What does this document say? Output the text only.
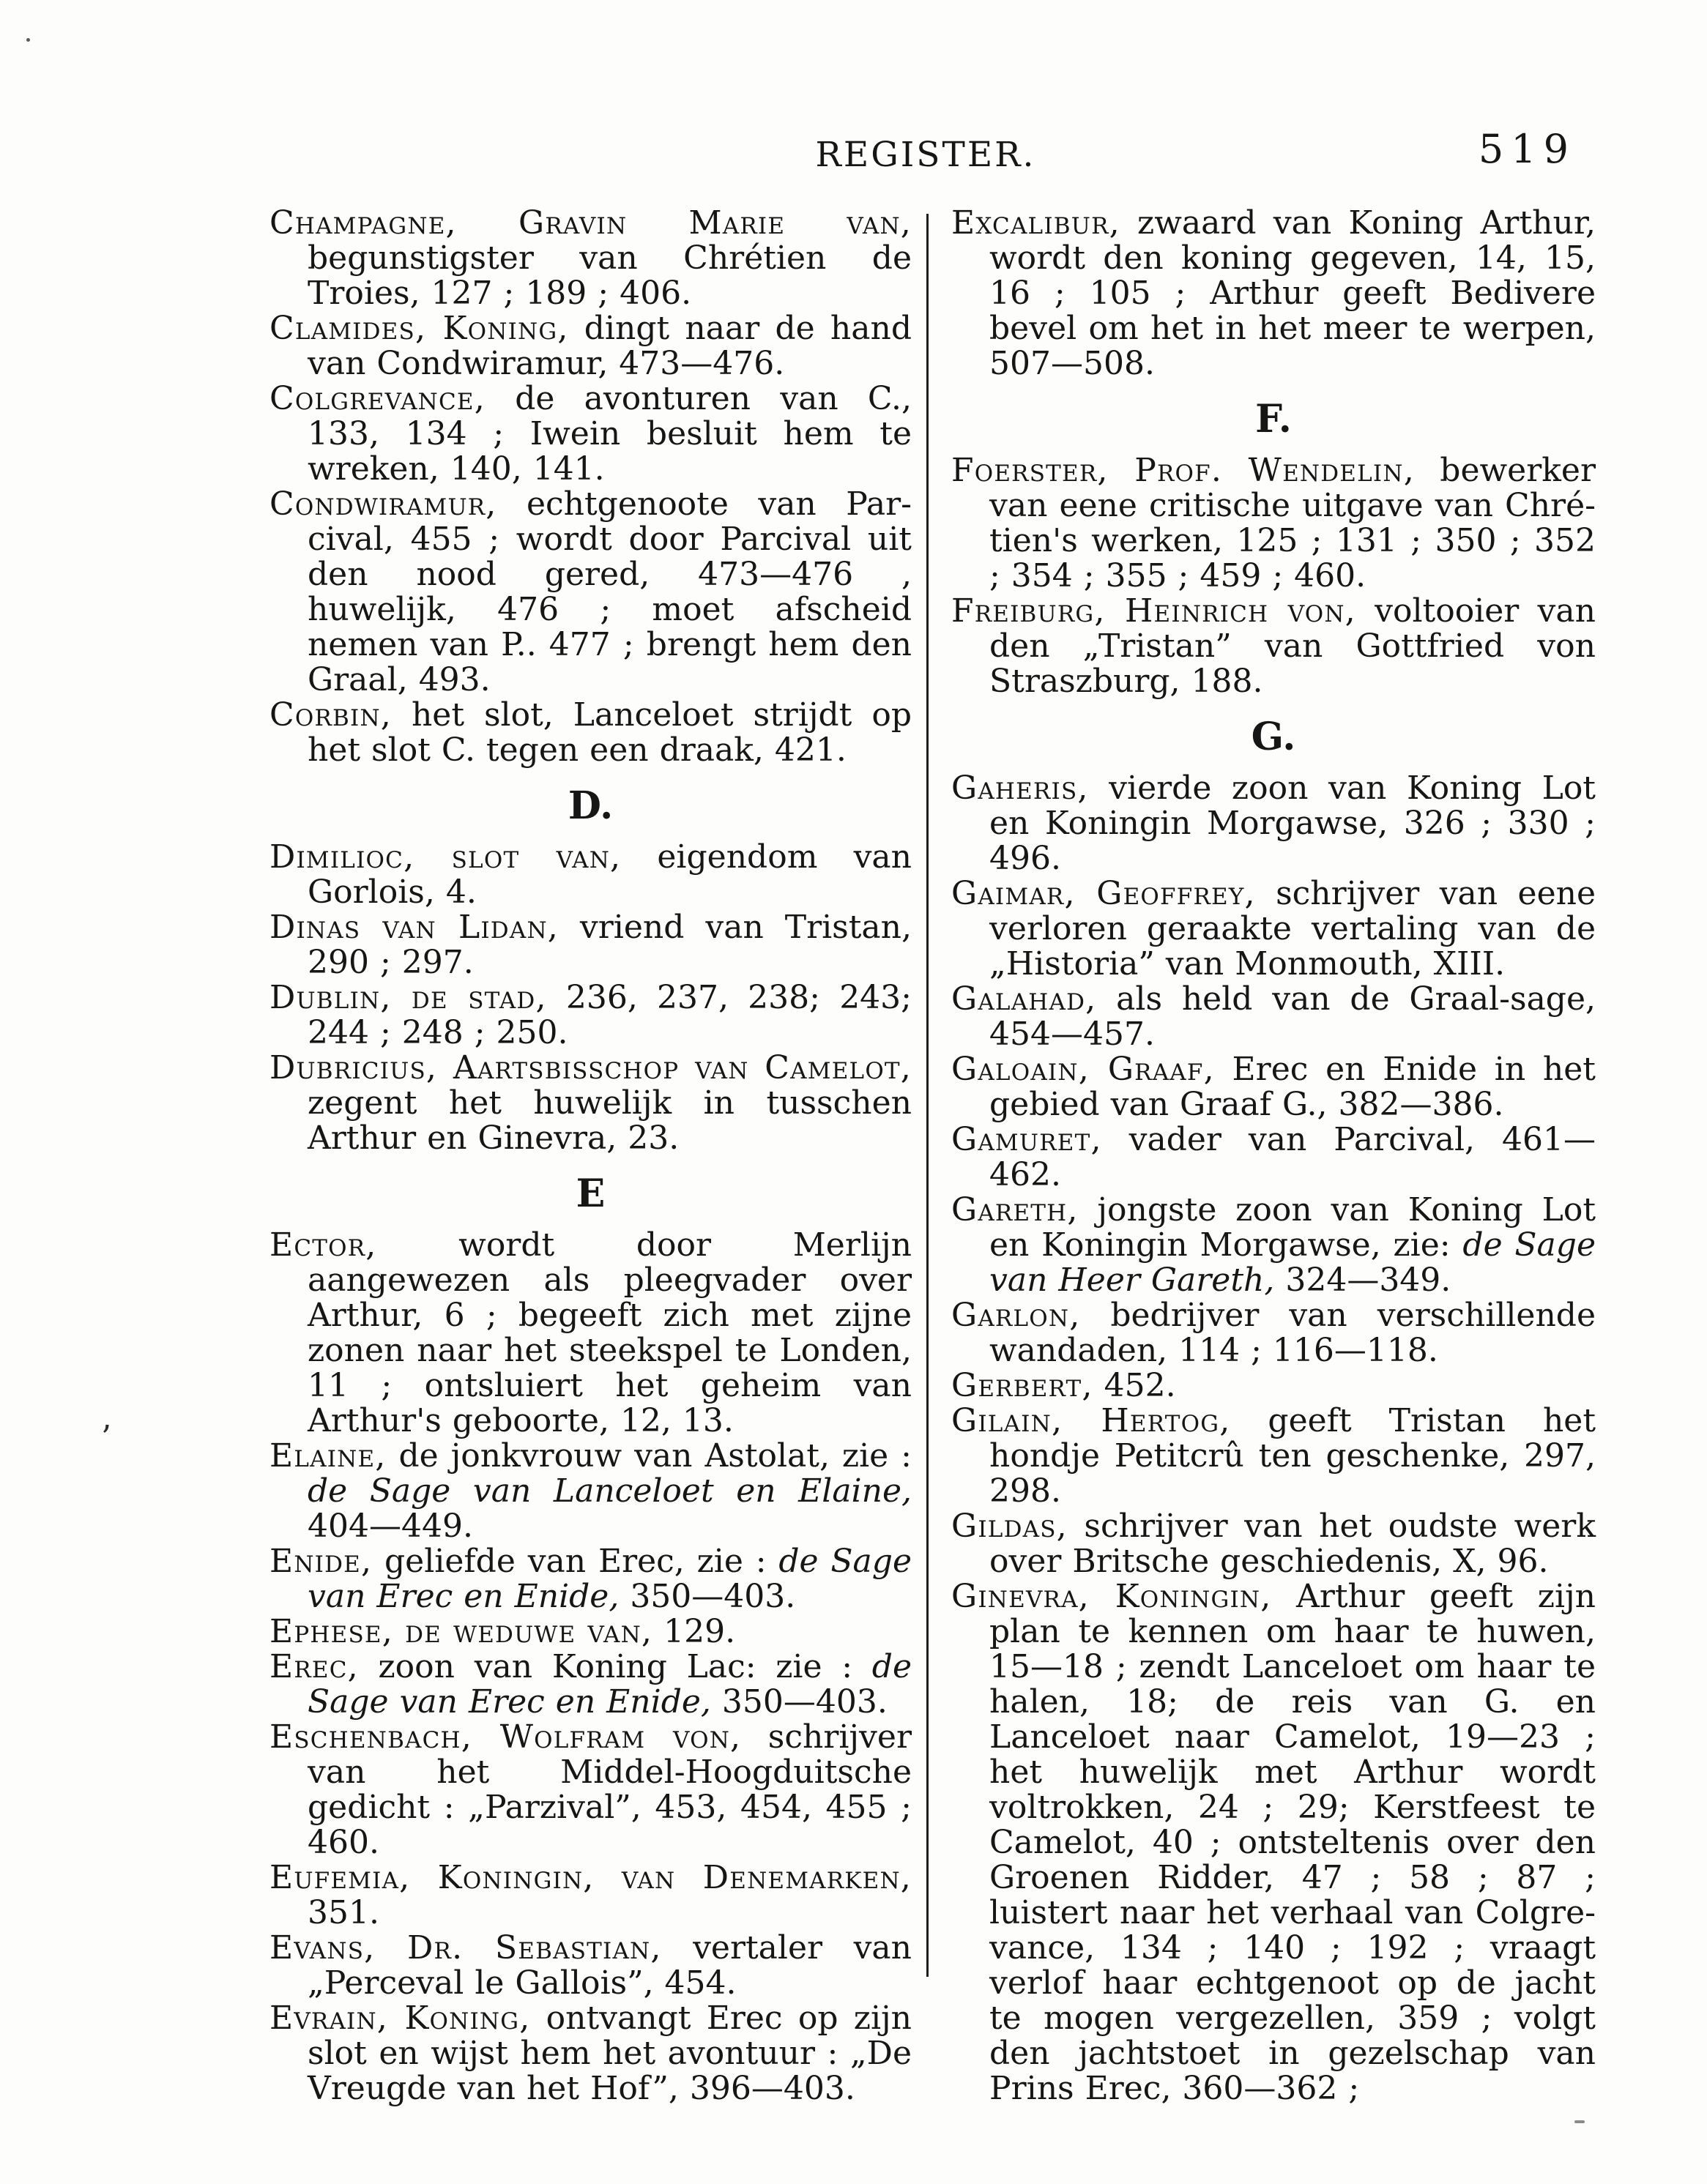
REGISTER.	519

Champagne, Gravin Marie van, begunstigster van Chrétien de Troies, 127 ; 189 ; 406.

Clamides, Koning, dingt naar de hand van Condwiramur, 473—476.

Colgrevance, de avonturen van C., 133, 134 ; Iwein besluit hem te wreken, 140, 141.

Condwiramur, echtgenoote van Parcival, 455 ; wordt door Parcival uit den nood gered, 473—476 , huwelijk, 476 ; moet afscheid nemen van P.. 477 ; brengt hem den Graal, 493.

Corbin, het slot, Lanceloet strijdt op het slot C. tegen een draak, 421.

D.

Dimilioc, slot van, eigendom van Gorlois, 4.

Dinas van Lidan, vriend van Tristan, 290 ; 297.

Dublin, de stad, 236, 237, 238; 243; 244 ; 248 ; 250.

Dubricius, Aartsbisschop van Camelot, zegent het huwelijk in tusschen Arthur en Ginevra, 23.

E

Ector, wordt door Merlijn aangewezen als pleegvader over Arthur, 6 ; begeeft zich met zijne zonen naar het steekspel te Londen, 11 ; ontsluiert het geheim van Arthur's geboorte, 12, 13.

Elaine, de jonkvrouw van Astolat, zie : de Sage van Lanceloet en Elaine, 404—449.

Enide, geliefde van Erec, zie : de Sage van Erec en Enide, 350—403.

Ephese, de weduwe van, 129.

Erec, zoon van Koning Lac: zie : de Sage van Erec en Enide, 350—403.

Eschenbach, Wolfram von, schrijver van het Middel-Hoogduitsche gedicht : „Parzival”, 453, 454, 455 ; 460.

Eufemia, Koningin, van Denemarken, 351.

Evans, Dr. Sebastian, vertaler van „Perceval le Gallois”, 454.

Evrain, Koning, ontvangt Erec op zijn slot en wijst hem het avontuur : „De Vreugde van het Hof”, 396—403.

Excalibur, zwaard van Koning Arthur, wordt den koning gegeven, 14, 15, 16 ; 105 ; Arthur geeft Bedivere bevel om het in het meer te werpen, 507—508.

F.

Foerster, Prof. Wendelin, bewerker van eene critische uitgave van Chrétien's werken, 125 ; 131 ; 350 ; 352 ; 354 ; 355 ; 459 ; 460.

Freiburg, Heinrich von, voltooier van den „Tristan” van Gottfried von Straszburg, 188.

G.

Gaheris, vierde zoon van Koning Lot en Koningin Morgawse, 326 ; 330 ; 496.

Gaimar, Geoffrey, schrijver van eene verloren geraakte vertaling van de „Historia” van Monmouth, XIII.

Galahad, als held van de Graal-sage, 454—457.

Galoain, Graaf, Erec en Enide in het gebied van Graaf G., 382—386.

Gamuret, vader van Parcival, 461—462.

Gareth, jongste zoon van Koning Lot en Koningin Morgawse, zie: de Sage van Heer Gareth, 324—349.

Garlon, bedrijver van verschillende wandaden, 114 ; 116—118.

Gerbert, 452.

Gilain, Hertog, geeft Tristan het hondje Petitcrû ten geschenke, 297, 298.

Gildas, schrijver van het oudste werk over Britsche geschiedenis, X, 96.

Ginevra, Koningin, Arthur geeft zijn plan te kennen om haar te huwen, 15—18 ; zendt Lanceloet om haar te halen, 18; de reis van G. en Lanceloet naar Camelot, 19—23 ; het huwelijk met Arthur wordt voltrokken, 24 ; 29; Kerstfeest te Camelot, 40 ; ontsteltenis over den Groenen Ridder, 47 ; 58 ; 87 ; luistert naar het verhaal van Colgrevance, 134 ; 140 ; 192 ; vraagt verlof haar echtgenoot op de jacht te mogen vergezellen, 359 ; volgt den jachtstoet in gezelschap van Prins Erec, 360—362 ;

’
